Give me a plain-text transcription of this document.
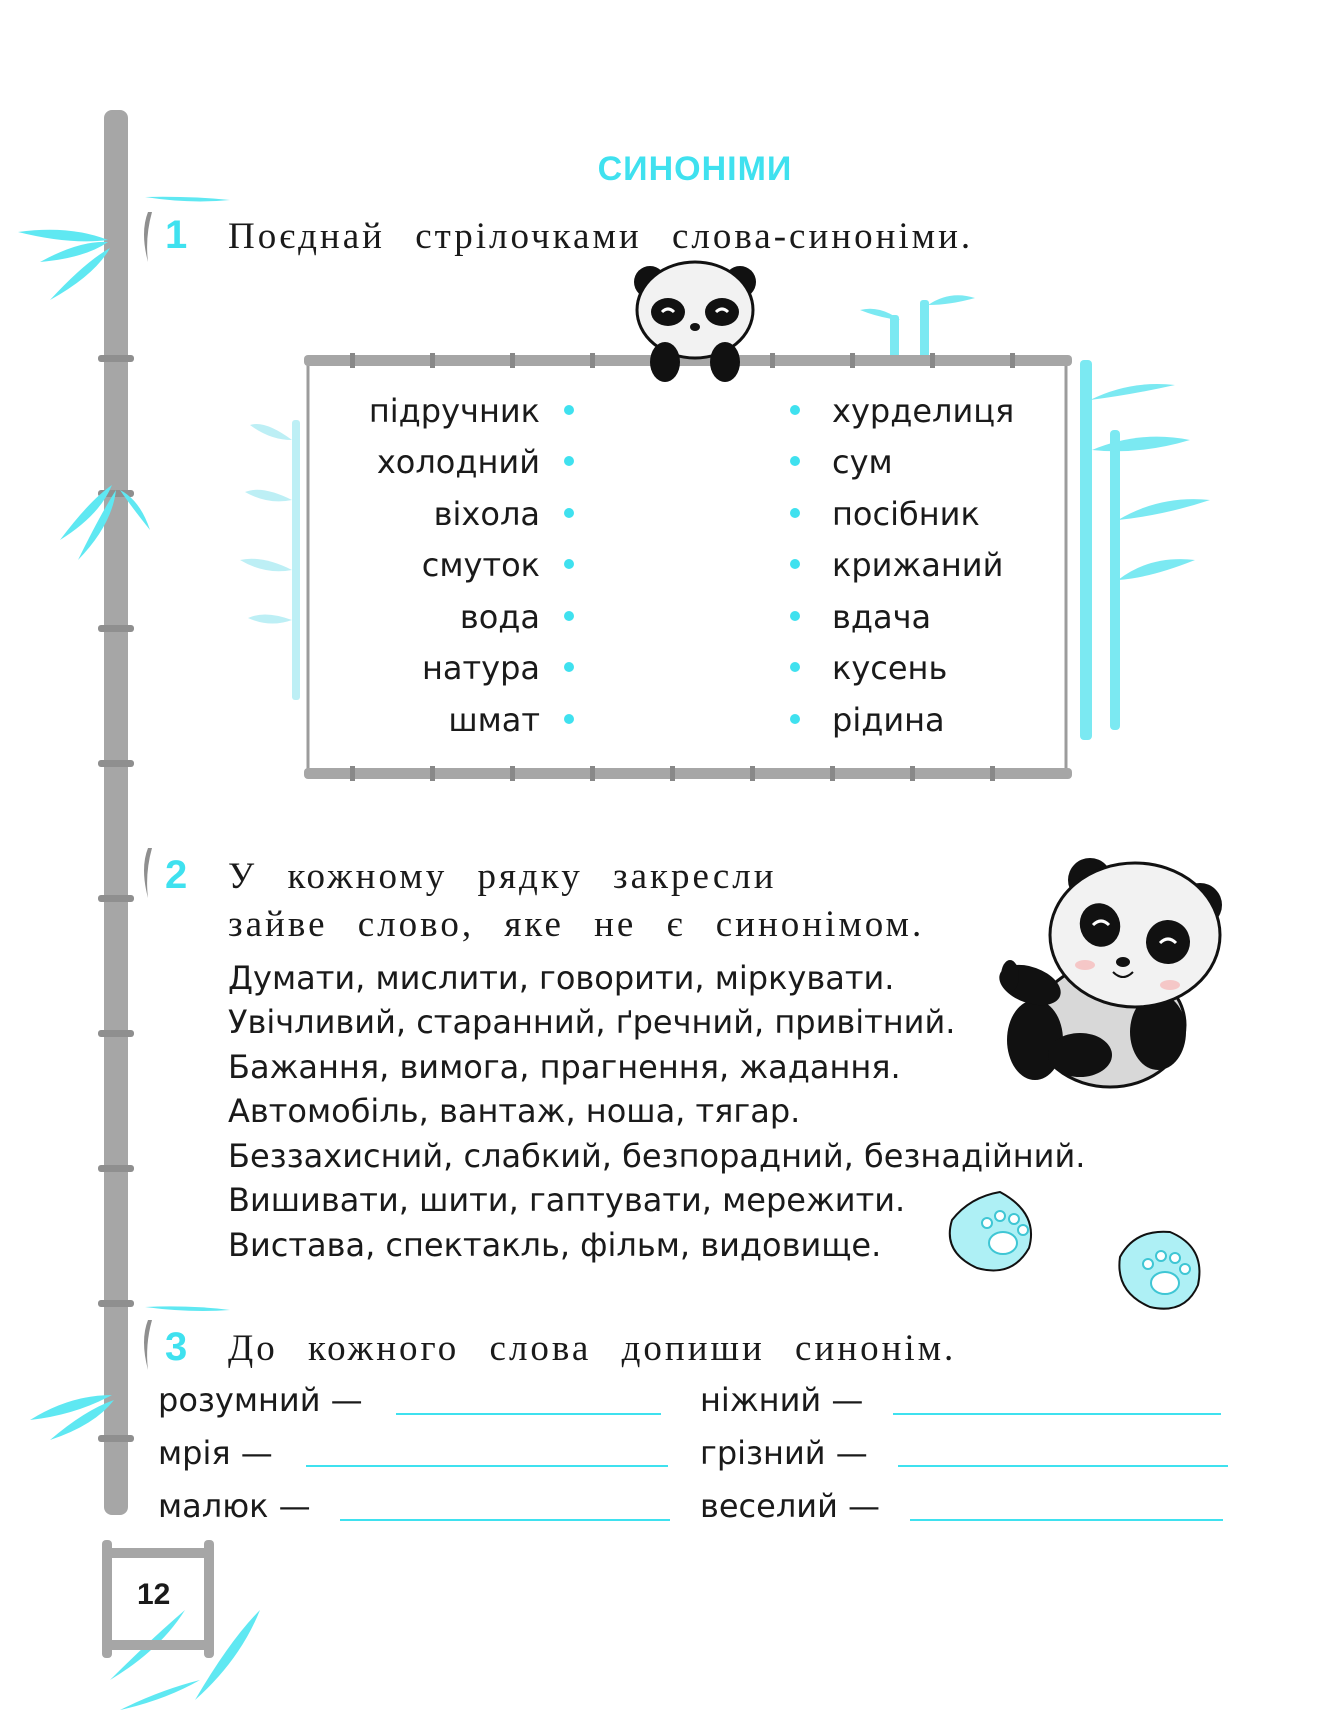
СИНОНІМИ
1 Поєднай стрілочками слова-синоніми.
підручник
холодний
віхола
смуток
вода
натура
шмат
хурделиця
сум
посібник
крижаний
вдача
кусень
рідина
2 У кожному рядку закресли
зайве слово, яке не є синонімом.
Думати, мислити, говорити, міркувати.
Увічливий, старанний, ґречний, привітний.
Бажання, вимога, прагнення, жадання.
Автомобіль, вантаж, ноша, тягар.
Беззахисний, слабкий, безпорадний, безнадійний.
Вишивати, шити, гаптувати, мережити.
Вистава, спектакль, фільм, видовище.
3 До кожного слова допиши синонім.
розумний —
мрія —
малюк —
ніжний —
грізний —
веселий —
12
